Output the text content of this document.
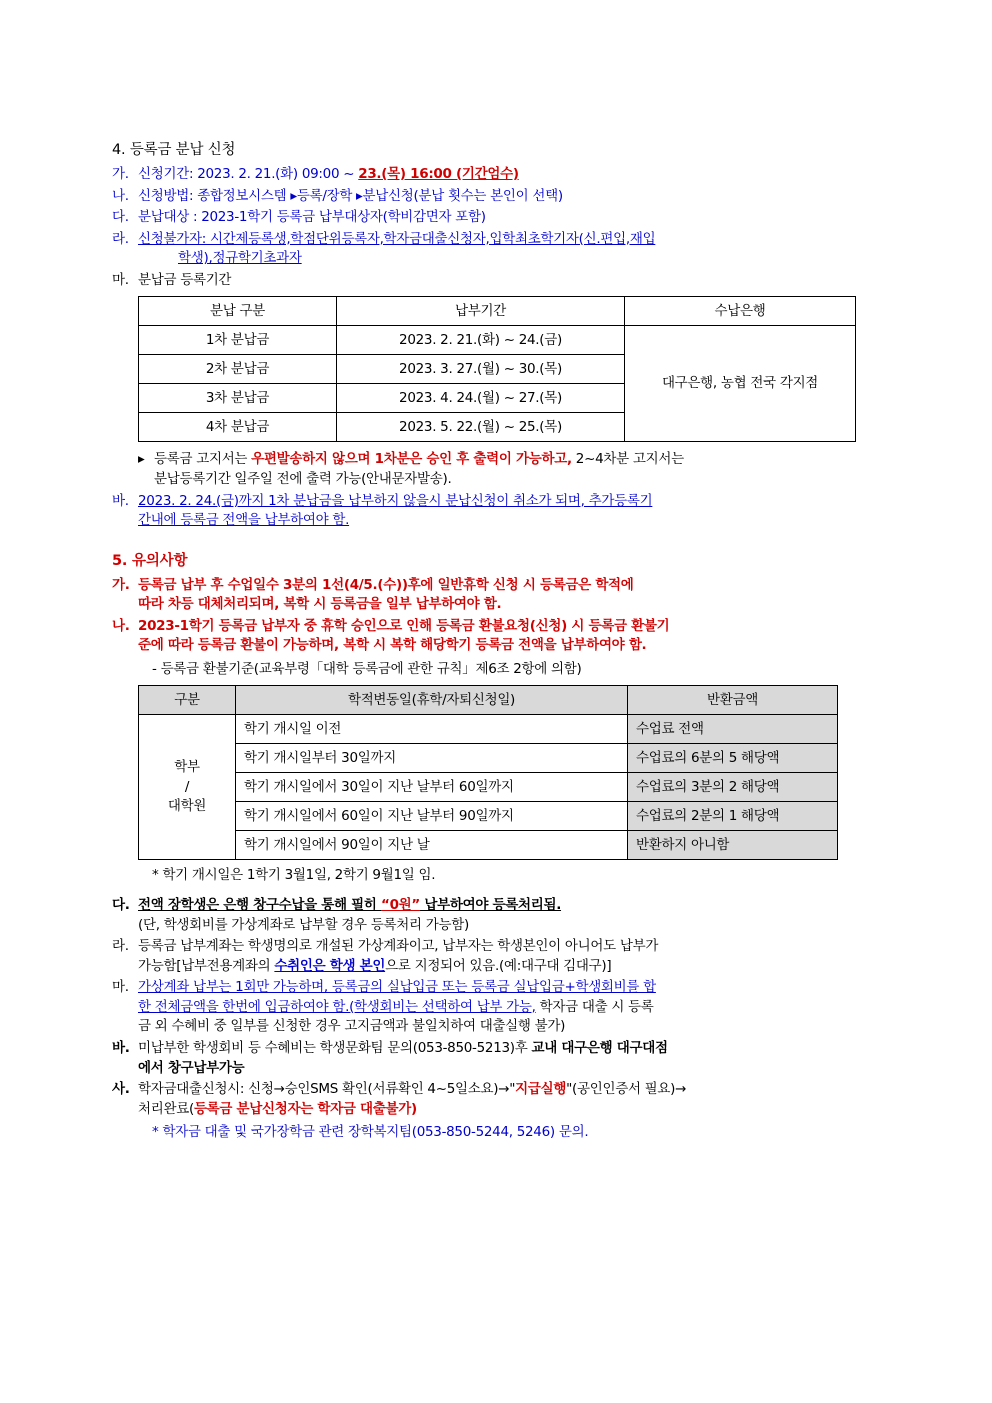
4. 등록금 분납 신청
가. 신청기간: 2023. 2. 21.(화) 09:00 ~ 23.(목) 16:00 (기간엄수)
나. 신청방법: 종합정보시스템 ▸등록/장학 ▸분납신청(분납 횟수는 본인이 선택)
다. 분납대상 : 2023-1학기 등록금 납부대상자(학비감면자 포함)
라. 신청불가자: 시간제등록생,학점단위등록자,학자금대출신청자,입학최초학기자(신.편입,재입
학생),정규학기초과자
마. 분납금 등록기간
분납 구분	납부기간	수납은행
1차 분납금	2023. 2. 21.(화) ~ 24.(금)	대구은행, 농협 전국 각지점
2차 분납금	2023. 3. 27.(월) ~ 30.(목)	
3차 분납금	2023. 4. 24.(월) ~ 27.(목)	
4차 분납금	2023. 5. 22.(월) ~ 25.(목)	
▸ 등록금 고지서는 우편발송하지 않으며 1차분은 승인 후 출력이 가능하고, 2~4차분 고지서는
분납등록기간 일주일 전에 출력 가능(안내문자발송).
바. 2023. 2. 24.(금)까지 1차 분납금을 납부하지 않을시 분납신청이 취소가 되며, 추가등록기
간내에 등록금 전액을 납부하여야 함.
5. 유의사항
가. 등록금 납부 후 수업일수 3분의 1선(4/5.(수))후에 일반휴학 신청 시 등록금은 학적에
따라 차등 대체처리되며, 복학 시 등록금을 일부 납부하여야 함.
나. 2023-1학기 등록금 납부자 중 휴학 승인으로 인해 등록금 환불요청(신청) 시 등록금 환불기
준에 따라 등록금 환불이 가능하며, 복학 시 복학 해당학기 등록금 전액을 납부하여야 함.
- 등록금 환불기준(교육부령「대학 등록금에 관한 규칙」제6조 2항에 의함)
구분	학적변동일(휴학/자퇴신청일)	반환금액

학부
/
대학원	학기 개시일 이전	수업료 전액
	학기 개시일부터 30일까지	수업료의 6분의 5 해당액
	학기 개시일에서 30일이 지난 날부터 60일까지	수업료의 3분의 2 해당액
	학기 개시일에서 60일이 지난 날부터 90일까지	수업료의 2분의 1 해당액
	학기 개시일에서 90일이 지난 날	반환하지 아니함
* 학기 개시일은 1학기 3월1일, 2학기 9월1일 임.
다. 전액 장학생은 은행 창구수납을 통해 필히 “0원” 납부하여야 등록처리됨.
(단, 학생회비를 가상계좌로 납부할 경우 등록처리 가능함)
라. 등록금 납부계좌는 학생명의로 개설된 가상계좌이고, 납부자는 학생본인이 아니어도 납부가
가능함[납부전용계좌의 수취인은 학생 본인으로 지정되어 있음.(예:대구대 김대구)]
마. 가상계좌 납부는 1회만 가능하며, 등록금의 실납입금 또는 등록금 실납입금+학생회비를 합
한 전체금액을 한번에 입금하여야 함.(학생회비는 선택하여 납부 가능, 학자금 대출 시 등록
금 외 수혜비 중 일부를 신청한 경우 고지금액과 불일치하여 대출실행 불가)
바. 미납부한 학생회비 등 수혜비는 학생문화팀 문의(053-850-5213)후 교내 대구은행 대구대점
에서 창구납부가능
사. 학자금대출신청시: 신청→승인SMS 확인(서류확인 4~5일소요)→"지급실행"(공인인증서 필요)→
처리완료(등록금 분납신청자는 학자금 대출불가)
* 학자금 대출 및 국가장학금 관련 장학복지팀(053-850-5244, 5246) 문의.
